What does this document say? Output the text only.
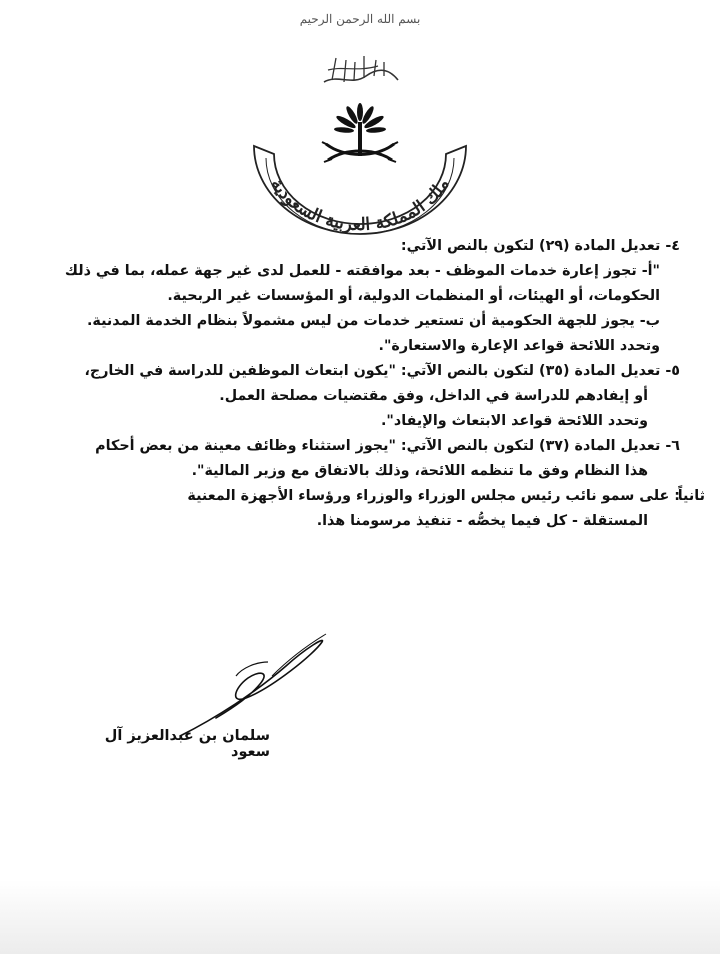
بسم الله الرحمن الرحيم
ملك المملكة العربية السعودية
٤- تعديل المادة (٢٩) لتكون بالنص الآتي:
"أ- تجوز إعارة خدمات الموظف - بعد موافقته - للعمل لدى غير جهة عمله، بما في ذلك
الحكومات، أو الهيئات، أو المنظمات الدولية، أو المؤسسات غير الربحية.
ب- يجوز للجهة الحكومية أن تستعير خدمات من ليس مشمولاً بنظام الخدمة المدنية.
وتحدد اللائحة قواعد الإعارة والاستعارة".
٥- تعديل المادة (٣٥) لتكون بالنص الآتي: "يكون ابتعاث الموظفين للدراسة في الخارج،
أو إيفادهم للدراسة في الداخل، وفق مقتضيات مصلحة العمل.
وتحدد اللائحة قواعد الابتعاث والإيفاد".
٦- تعديل المادة (٣٧) لتكون بالنص الآتي: "يجوز استثناء وظائف معينة من بعض أحكام
هذا النظام وفق ما تنظمه اللائحة، وذلك بالاتفاق مع وزير المالية".
ثانياً
: على سمو نائب رئيس مجلس الوزراء والوزراء ورؤساء الأجهزة المعنية
المستقلة - كل فيما يخصُّه - تنفيذ مرسومنا هذا.
سلمان بن عبدالعزيز آل سعود
